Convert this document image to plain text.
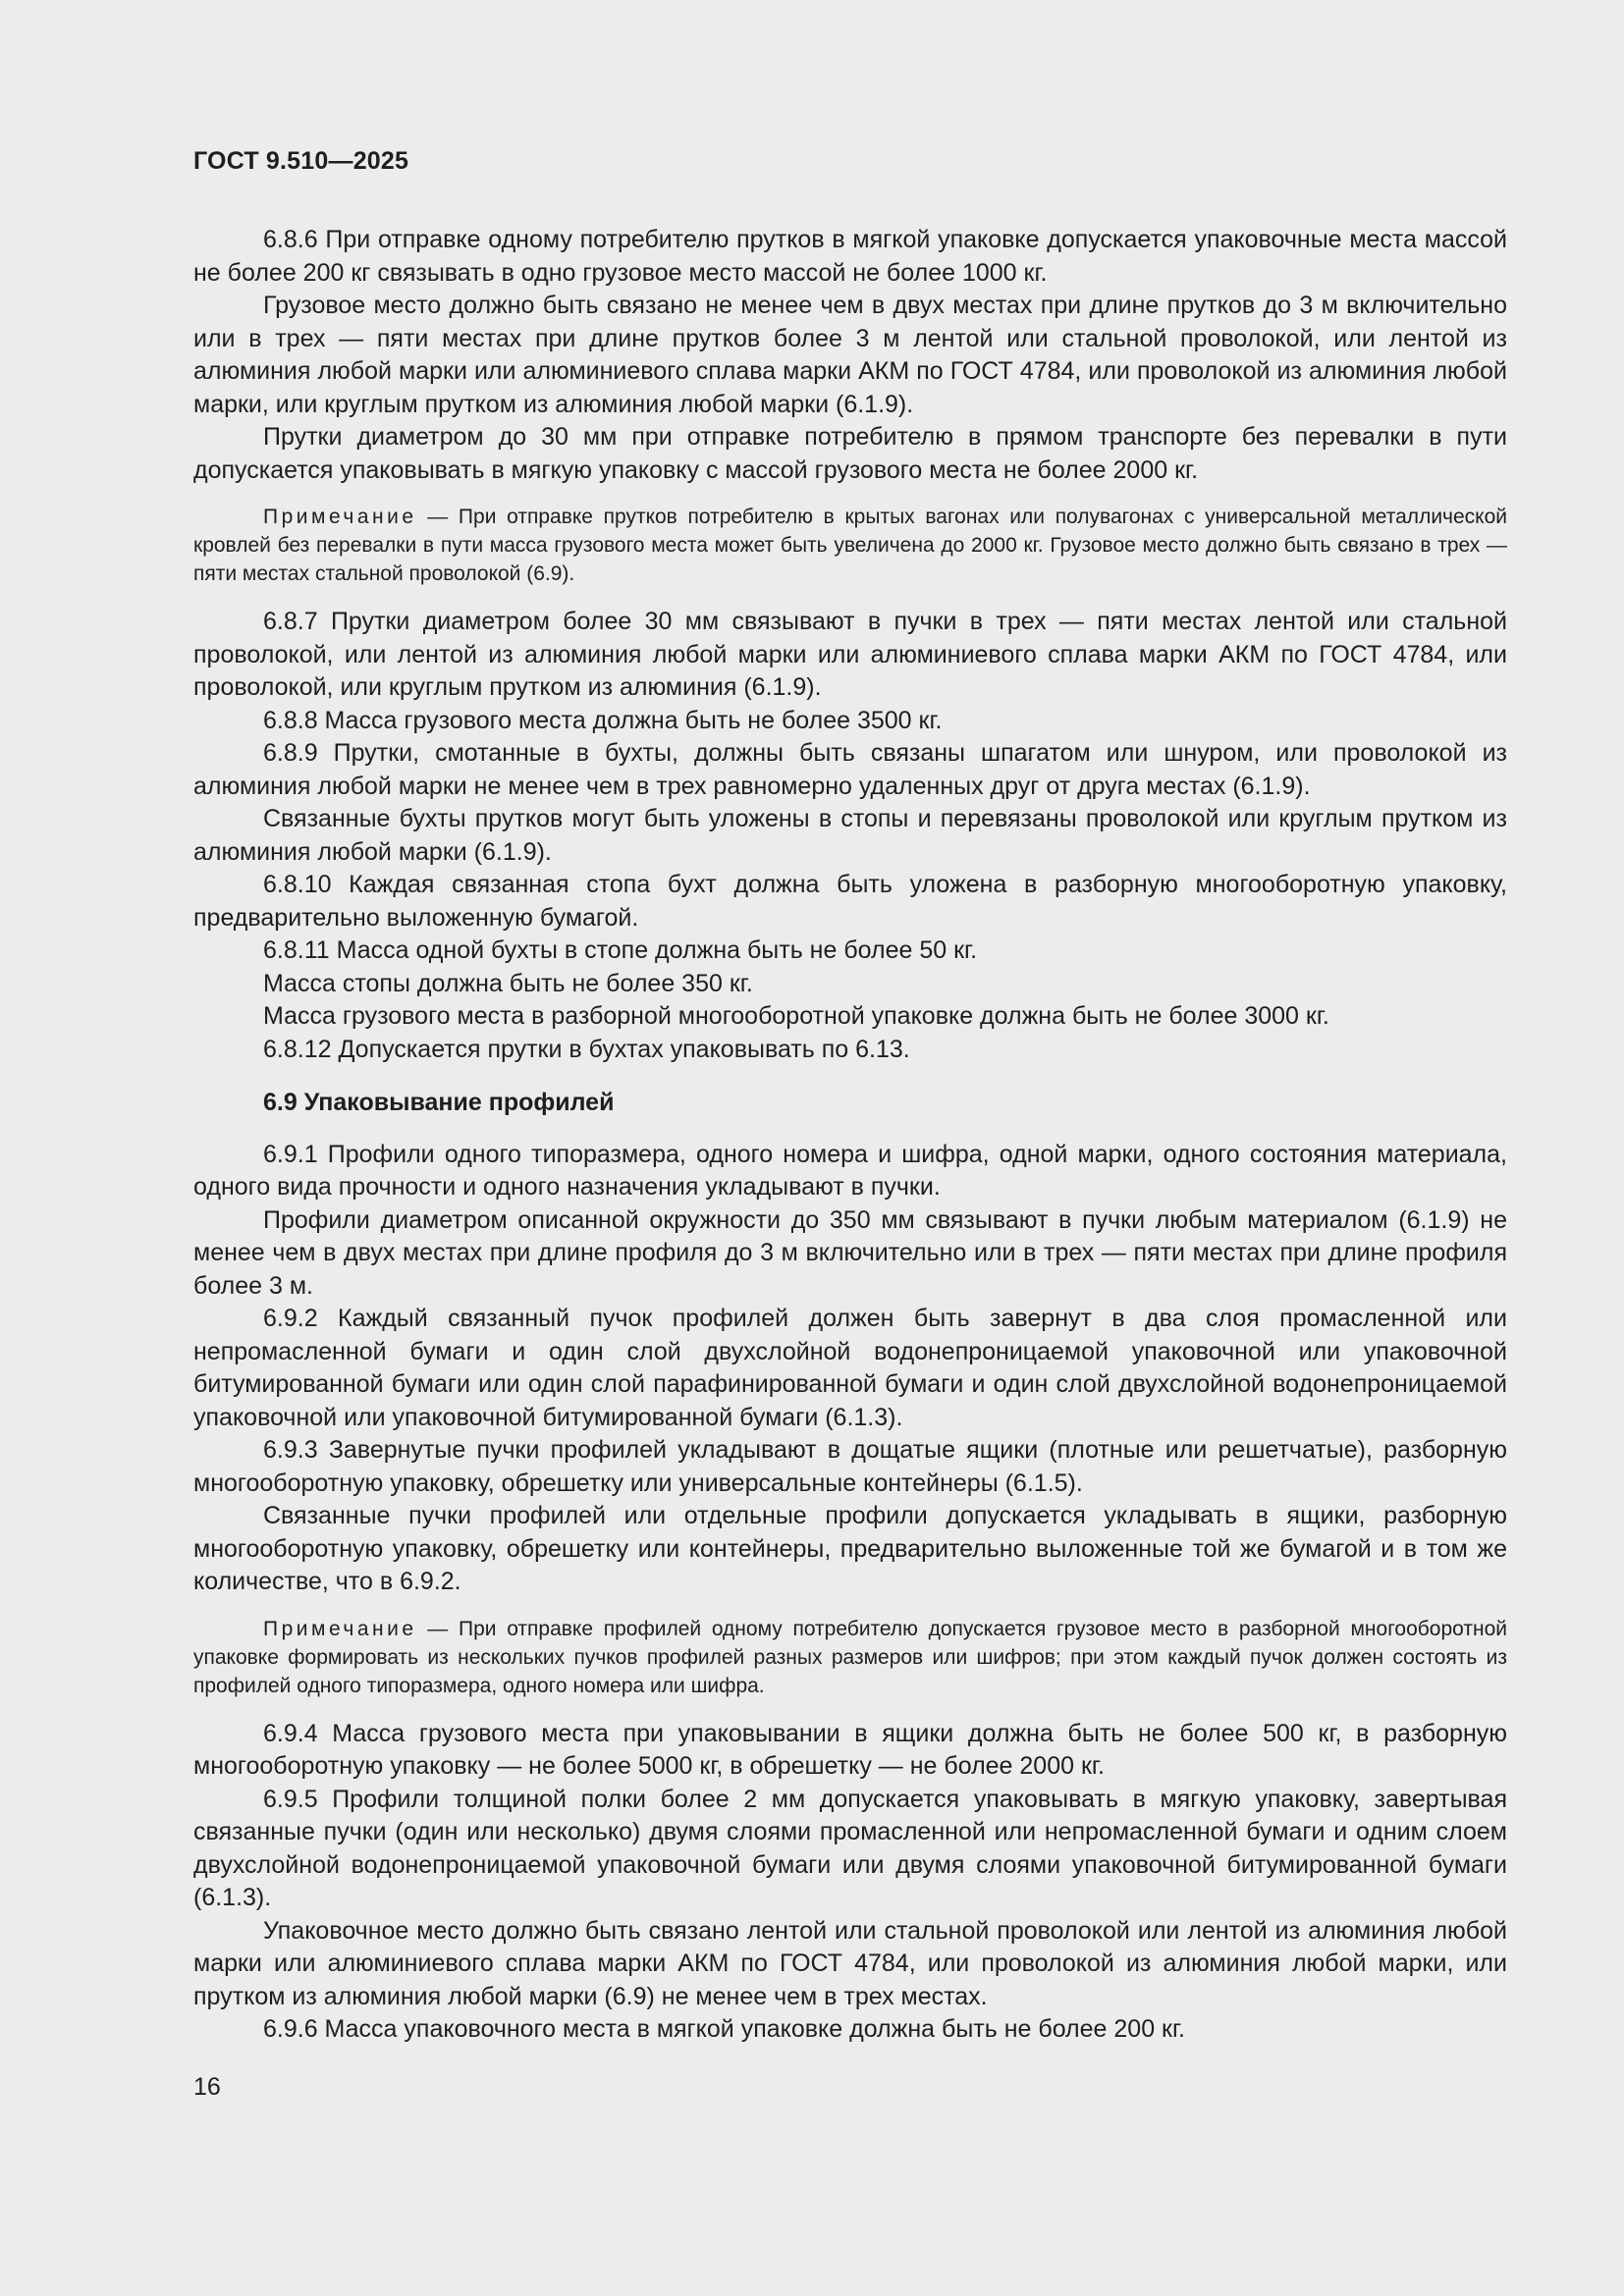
ГОСТ 9.510—2025

6.8.6 При отправке одному потребителю прутков в мягкой упаковке допускается упаковочные места массой не более 200 кг связывать в одно грузовое место массой не более 1000 кг.

Грузовое место должно быть связано не менее чем в двух местах при длине прутков до 3 м включительно или в трех — пяти местах при длине прутков более 3 м лентой или стальной проволокой, или лентой из алюминия любой марки или алюминиевого сплава марки АКМ по ГОСТ 4784, или проволокой из алюминия любой марки, или круглым прутком из алюминия любой марки (6.1.9).

Прутки диаметром до 30 мм при отправке потребителю в прямом транспорте без перевалки в пути допускается упаковывать в мягкую упаковку с массой грузового места не более 2000 кг.

Примечание — При отправке прутков потребителю в крытых вагонах или полувагонах с универсальной металлической кровлей без перевалки в пути масса грузового места может быть увеличена до 2000 кг. Грузовое место должно быть связано в трех — пяти местах стальной проволокой (6.9).

6.8.7 Прутки диаметром более 30 мм связывают в пучки в трех — пяти местах лентой или стальной проволокой, или лентой из алюминия любой марки или алюминиевого сплава марки АКМ по ГОСТ 4784, или проволокой, или круглым прутком из алюминия (6.1.9).

6.8.8 Масса грузового места должна быть не более 3500 кг.

6.8.9 Прутки, смотанные в бухты, должны быть связаны шпагатом или шнуром, или проволокой из алюминия любой марки не менее чем в трех равномерно удаленных друг от друга местах (6.1.9).

Связанные бухты прутков могут быть уложены в стопы и перевязаны проволокой или круглым прутком из алюминия любой марки (6.1.9).

6.8.10 Каждая связанная стопа бухт должна быть уложена в разборную многооборотную упаковку, предварительно выложенную бумагой.

6.8.11 Масса одной бухты в стопе должна быть не более 50 кг.

Масса стопы должна быть не более 350 кг.

Масса грузового места в разборной многооборотной упаковке должна быть не более 3000 кг.

6.8.12 Допускается прутки в бухтах упаковывать по 6.13.

6.9 Упаковывание профилей

6.9.1 Профили одного типоразмера, одного номера и шифра, одной марки, одного состояния материала, одного вида прочности и одного назначения укладывают в пучки.

Профили диаметром описанной окружности до 350 мм связывают в пучки любым материалом (6.1.9) не менее чем в двух местах при длине профиля до 3 м включительно или в трех — пяти местах при длине профиля более 3 м.

6.9.2 Каждый связанный пучок профилей должен быть завернут в два слоя промасленной или непромасленной бумаги и один слой двухслойной водонепроницаемой упаковочной или упаковочной битумированной бумаги или один слой парафинированной бумаги и один слой двухслойной водонепроницаемой упаковочной или упаковочной битумированной бумаги (6.1.3).

6.9.3 Завернутые пучки профилей укладывают в дощатые ящики (плотные или решетчатые), разборную многооборотную упаковку, обрешетку или универсальные контейнеры (6.1.5).

Связанные пучки профилей или отдельные профили допускается укладывать в ящики, разборную многооборотную упаковку, обрешетку или контейнеры, предварительно выложенные той же бумагой и в том же количестве, что в 6.9.2.

Примечание — При отправке профилей одному потребителю допускается грузовое место в разборной многооборотной упаковке формировать из нескольких пучков профилей разных размеров или шифров; при этом каждый пучок должен состоять из профилей одного типоразмера, одного номера или шифра.

6.9.4 Масса грузового места при упаковывании в ящики должна быть не более 500 кг, в разборную многооборотную упаковку — не более 5000 кг, в обрешетку — не более 2000 кг.

6.9.5 Профили толщиной полки более 2 мм допускается упаковывать в мягкую упаковку, завертывая связанные пучки (один или несколько) двумя слоями промасленной или непромасленной бумаги и одним слоем двухслойной водонепроницаемой упаковочной бумаги или двумя слоями упаковочной битумированной бумаги (6.1.3).

Упаковочное место должно быть связано лентой или стальной проволокой или лентой из алюминия любой марки или алюминиевого сплава марки АКМ по ГОСТ 4784, или проволокой из алюминия любой марки, или прутком из алюминия любой марки (6.9) не менее чем в трех местах.

6.9.6 Масса упаковочного места в мягкой упаковке должна быть не более 200 кг.

16
